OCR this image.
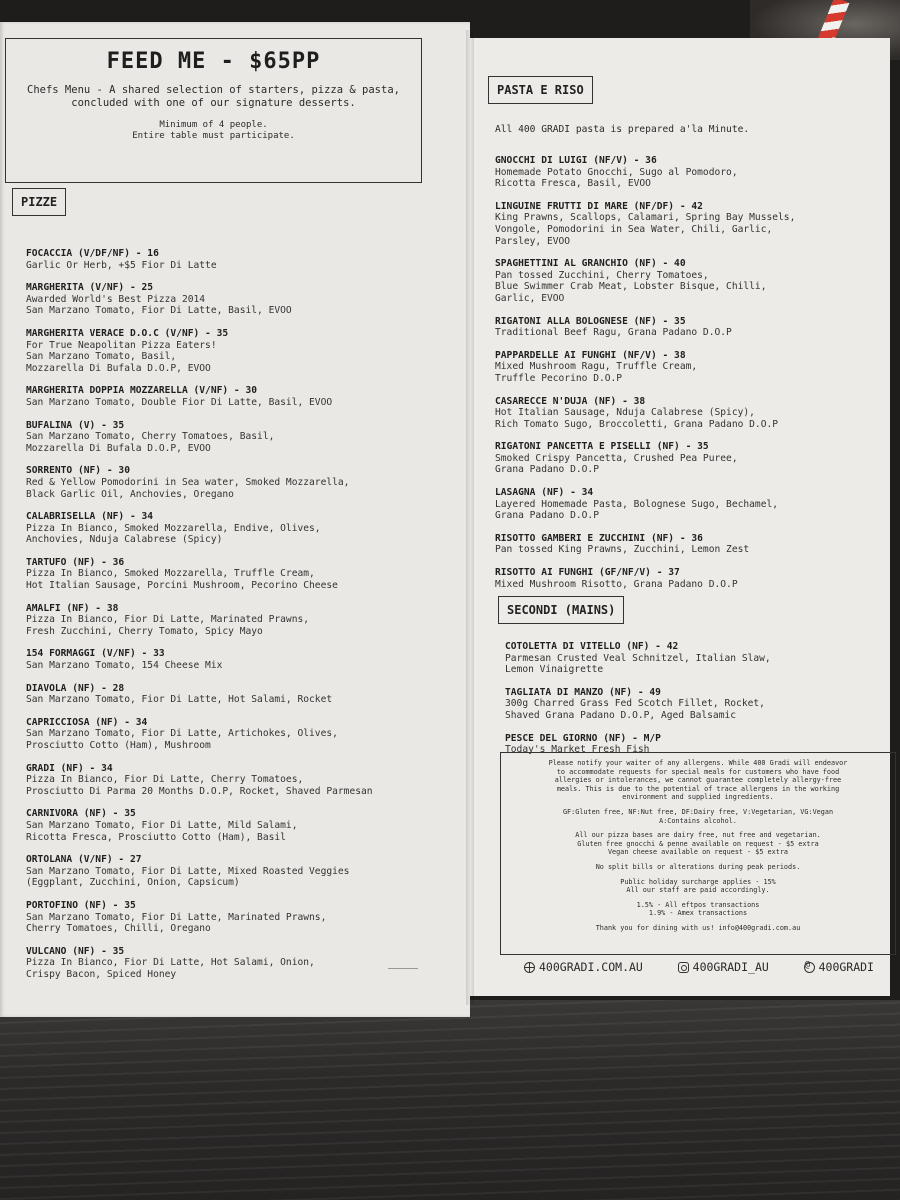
FEED ME - $65PP
Chefs Menu - A shared selection of starters, pizza & pasta, concluded with one of our signature desserts.
Minimum of 4 people.
Entire table must participate.
PIZZE
FOCACCIA (V/DF/NF) - 16
Garlic Or Herb, +$5 Fior Di Latte
MARGHERITA (V/NF) - 25
Awarded World's Best Pizza 2014
San Marzano Tomato, Fior Di Latte, Basil, EVOO
MARGHERITA VERACE D.O.C (V/NF) - 35
For True Neapolitan Pizza Eaters!
San Marzano Tomato, Basil,
Mozzarella Di Bufala D.O.P, EVOO
MARGHERITA DOPPIA MOZZARELLA (V/NF) - 30
San Marzano Tomato, Double Fior Di Latte, Basil, EVOO
BUFALINA (V) - 35
San Marzano Tomato, Cherry Tomatoes, Basil,
Mozzarella Di Bufala D.O.P, EVOO
SORRENTO (NF) - 30
Red & Yellow Pomodorini in Sea water, Smoked Mozzarella,
Black Garlic Oil, Anchovies, Oregano
CALABRISELLA (NF) - 34
Pizza In Bianco, Smoked Mozzarella, Endive, Olives,
Anchovies, Nduja Calabrese (Spicy)
TARTUFO (NF) - 36
Pizza In Bianco, Smoked Mozzarella, Truffle Cream,
Hot Italian Sausage, Porcini Mushroom, Pecorino Cheese
AMALFI (NF) - 38
Pizza In Bianco, Fior Di Latte, Marinated Prawns,
Fresh Zucchini, Cherry Tomato, Spicy Mayo
154 FORMAGGI (V/NF) - 33
San Marzano Tomato, 154 Cheese Mix
DIAVOLA (NF) - 28
San Marzano Tomato, Fior Di Latte, Hot Salami, Rocket
CAPRICCIOSA (NF) - 34
San Marzano Tomato, Fior Di Latte, Artichokes, Olives,
Prosciutto Cotto (Ham), Mushroom
GRADI (NF) - 34
Pizza In Bianco, Fior Di Latte, Cherry Tomatoes,
Prosciutto Di Parma 20 Months D.O.P, Rocket, Shaved Parmesan
CARNIVORA (NF) - 35
San Marzano Tomato, Fior Di Latte, Mild Salami,
Ricotta Fresca, Prosciutto Cotto (Ham), Basil
ORTOLANA (V/NF) - 27
San Marzano Tomato, Fior Di Latte, Mixed Roasted Veggies
(Eggplant, Zucchini, Onion, Capsicum)
PORTOFINO (NF) - 35
San Marzano Tomato, Fior Di Latte, Marinated Prawns,
Cherry Tomatoes, Chilli, Oregano
VULCANO (NF) - 35
Pizza In Bianco, Fior Di Latte, Hot Salami, Onion,
Crispy Bacon, Spiced Honey
PASTA E RISO
All 400 GRADI pasta is prepared a'la Minute.
GNOCCHI DI LUIGI (NF/V) - 36
Homemade Potato Gnocchi, Sugo al Pomodoro,
Ricotta Fresca, Basil, EVOO
LINGUINE FRUTTI DI MARE (NF/DF) - 42
King Prawns, Scallops, Calamari, Spring Bay Mussels,
Vongole, Pomodorini in Sea Water, Chili, Garlic,
Parsley, EVOO
SPAGHETTINI AL GRANCHIO (NF) - 40
Pan tossed Zucchini, Cherry Tomatoes,
Blue Swimmer Crab Meat, Lobster Bisque, Chilli,
Garlic, EVOO
RIGATONI ALLA BOLOGNESE (NF) - 35
Traditional Beef Ragu, Grana Padano D.O.P
PAPPARDELLE AI FUNGHI (NF/V) - 38
Mixed Mushroom Ragu, Truffle Cream,
Truffle Pecorino D.O.P
CASARECCE N'DUJA (NF) - 38
Hot Italian Sausage, Nduja Calabrese (Spicy),
Rich Tomato Sugo, Broccoletti, Grana Padano D.O.P
RIGATONI PANCETTA E PISELLI (NF) - 35
Smoked Crispy Pancetta, Crushed Pea Puree,
Grana Padano D.O.P
LASAGNA (NF) - 34
Layered Homemade Pasta, Bolognese Sugo, Bechamel,
Grana Padano D.O.P
RISOTTO GAMBERI E ZUCCHINI (NF) - 36
Pan tossed King Prawns, Zucchini, Lemon Zest
RISOTTO AI FUNGHI (GF/NF/V) - 37
Mixed Mushroom Risotto, Grana Padano D.O.P
SECONDI (MAINS)
COTOLETTA DI VITELLO (NF) - 42
Parmesan Crusted Veal Schnitzel, Italian Slaw,
Lemon Vinaigrette
TAGLIATA DI MANZO (NF) - 49
300g Charred Grass Fed Scotch Fillet, Rocket,
Shaved Grana Padano D.O.P, Aged Balsamic
PESCE DEL GIORNO (NF) - M/P
Today's Market Fresh Fish

Please notify your waiter of any allergens. While 400 Gradi will endeavor
to accommodate requests for special meals for customers who have food
allergies or intolerances, we cannot guarantee completely allergy-free
meals. This is due to the potential of trace allergens in the working
environment and supplied ingredients.

GF:Gluten free, NF:Nut free, DF:Dairy free, V:Vegetarian, VG:Vegan
A:Contains alcohol.

All our pizza bases are dairy free, nut free and vegetarian.
Gluten free gnocchi & penne available on request - $5 extra
Vegan cheese available on request - $5 extra

No split bills or alterations during peak periods.

Public holiday surcharge applies - 15%
All our staff are paid accordingly.

1.5% - All eftpos transactions
1.9% - Amex transactions

Thank you for dining with us! info@400gradi.com.au

400GRADI.COM.AU	400GRADI_AU
@	400GRADI
